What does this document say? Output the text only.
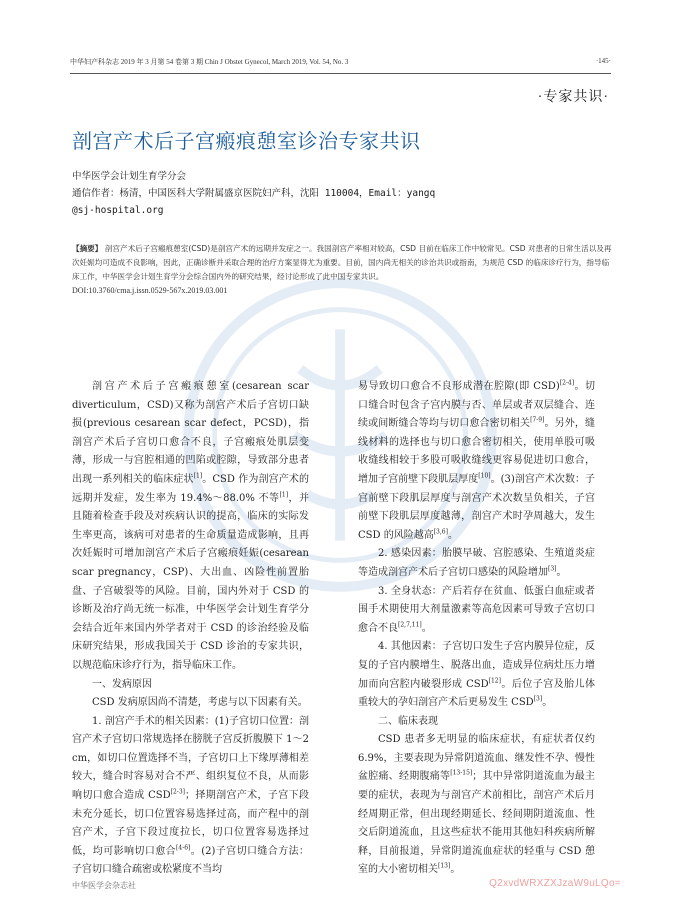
中华妇产科杂志 2019 年 3 月第 54 卷第 3 期 Chin J Obstet Gynecol, March 2019, Vol. 54, No. 3	·145·
·专家共识·
剖宫产术后子宫瘢痕憩室诊治专家共识
中华医学会计划生育学分会
通信作者：杨清，中国医科大学附属盛京医院妇产科，沈阳 110004，Email：yangq
@sj-hospital.org
【摘要】 剖宫产术后子宫瘢痕憩室(CSD)是剖宫产术的远期并发症之一。我国剖宫产率相对较高，CSD 目前在临床工作中较常见。CSD 对患者的日常生活以及再次妊娠均可造成不良影响，因此，正确诊断并采取合理的治疗方案显得尤为重要。目前，国内尚无相关的诊治共识或指南，为规范 CSD 的临床诊疗行为，指导临床工作，中华医学会计划生育学分会综合国内外的研究结果，经讨论形成了此中国专家共识。
DOI:10.3760/cma.j.issn.0529-567x.2019.03.001

剖宫产术后子宫瘢痕憩室(cesarean scar diverticulum，CSD)又称为剖宫产术后子宫切口缺损(previous cesarean scar defect，PCSD)，指剖宫产术后子宫切口愈合不良，子宫瘢痕处肌层变薄，形成一与宫腔相通的凹陷或腔隙，导致部分患者出现一系列相关的临床症状[1]。CSD 作为剖宫产术的远期并发症，发生率为 19.4%～88.0% 不等[1]，并且随着检查手段及对疾病认识的提高，临床的实际发生率更高，该病可对患者的生命质量造成影响，且再次妊娠时可增加剖宫产术后子宫瘢痕妊娠(cesarean scar pregnancy，CSP)、大出血、凶险性前置胎盘、子宫破裂等的风险。目前，国内外对于 CSD 的诊断及治疗尚无统一标准，中华医学会计划生育学分会结合近年来国内外学者对于 CSD 的诊治经验及临床研究结果，形成我国关于 CSD 诊治的专家共识，以规范临床诊疗行为，指导临床工作。

一、发病原因

CSD 发病原因尚不清楚，考虑与以下因素有关。

1. 剖宫产手术的相关因素：(1)子宫切口位置：剖宫产术子宫切口常规选择在膀胱子宫反折腹膜下 1～2 cm，如切口位置选择不当，子宫切口上下缘厚薄相差较大，缝合时容易对合不严、组织复位不良，从而影响切口愈合造成 CSD[2-3]；择期剖宫产术，子宫下段未充分延长，切口位置容易选择过高，而产程中的剖宫产术，子宫下段过度拉长，切口位置容易选择过低，均可影响切口愈合[4-6]。(2)子宫切口缝合方法：子宫切口缝合疏密或松紧度不当均

易导致切口愈合不良形成潜在腔隙(即 CSD)[2-4]。切口缝合时包含子宫内膜与否、单层或者双层缝合、连续或间断缝合等均与切口愈合密切相关[7-9]。另外，缝线材料的选择也与切口愈合密切相关，使用单股可吸收缝线相较于多股可吸收缝线更容易促进切口愈合，增加子宫前壁下段肌层厚度[10]。(3)剖宫产术次数：子宫前壁下段肌层厚度与剖宫产术次数呈负相关，子宫前壁下段肌层厚度越薄，剖宫产术时孕周越大，发生 CSD 的风险越高[3,6]。

2. 感染因素：胎膜早破、宫腔感染、生殖道炎症等造成剖宫产术后子宫切口感染的风险增加[3]。

3. 全身状态：产后若存在贫血、低蛋白血症或者围手术期使用大剂量激素等高危因素可导致子宫切口愈合不良[2,7,11]。

4. 其他因素：子宫切口发生子宫内膜异位症，反复的子宫内膜增生、脱落出血，造成异位病灶压力增加而向宫腔内破裂形成 CSD[12]。后位子宫及胎儿体重较大的孕妇剖宫产术后更易发生 CSD[3]。

二、临床表现

CSD 患者多无明显的临床症状，有症状者仅约 6.9%，主要表现为异常阴道流血、继发性不孕、慢性盆腔痛、经期腹痛等[13-15]；其中异常阴道流血为最主要的症状，表现为与剖宫产术前相比，剖宫产术后月经周期正常，但出现经期延长、经间期阴道流血、性交后阴道流血，且这些症状不能用其他妇科疾病所解释，目前报道，异常阴道流血症状的轻重与 CSD 憩室的大小密切相关[13]。

中华医学会杂志社	Q2xvdWRXZXJzaW9uLQo=
